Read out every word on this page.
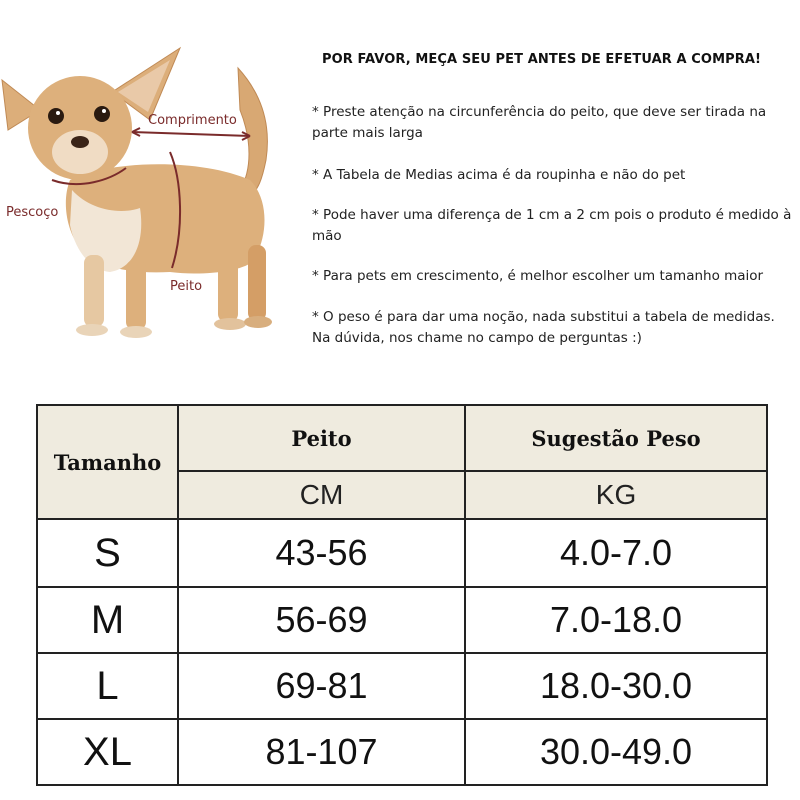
Comprimento
Pescoço
Peito
POR FAVOR, MEÇA SEU PET ANTES DE EFETUAR A COMPRA!
* Preste atenção na circunferência do peito, que deve ser tirada na parte mais larga
* A Tabela de Medias acima é da roupinha e não do pet
* Pode haver uma diferença de 1 cm a 2 cm pois o produto é medido à mão
* Para pets em crescimento, é melhor escolher um tamanho maior
* O peso é para dar uma noção, nada substitui a tabela de medidas. Na dúvida, nos chame no campo de perguntas :)
Tamanho	Peito	Sugestão Peso
	CM	KG
S	43-56	4.0-7.0
M	56-69	7.0-18.0
L	69-81	18.0-30.0
XL	81-107	30.0-49.0
